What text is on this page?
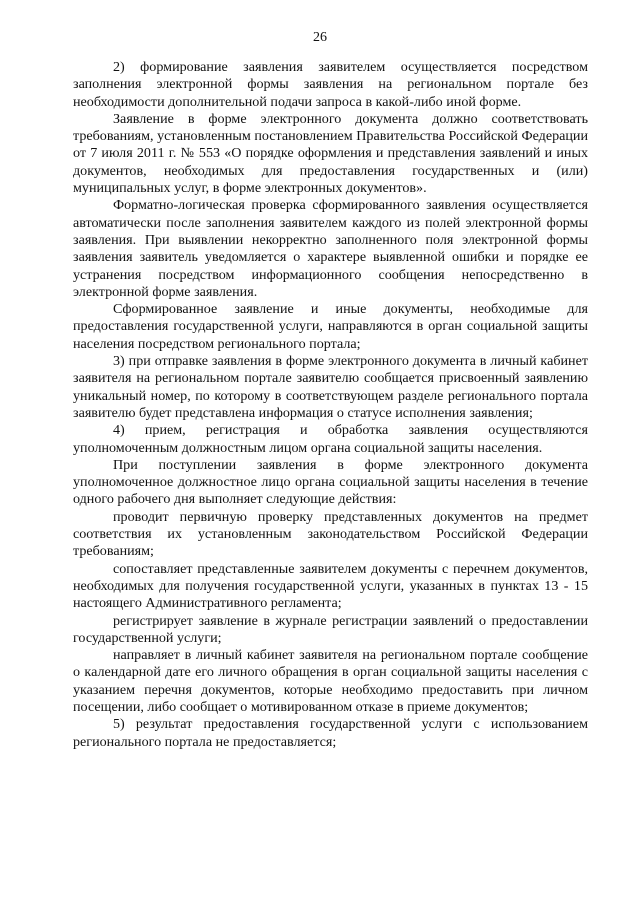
26

2) формирование заявления заявителем осуществляется посредством заполнения электронной формы заявления на региональном портале без необходимости дополнительной подачи запроса в какой-либо иной форме.

Заявление в форме электронного документа должно соответствовать требованиям, установленным постановлением Правительства Российской Федерации от 7 июля 2011 г. № 553 «О порядке оформления и представления заявлений и иных документов, необходимых для предоставления государственных и (или) муниципальных услуг, в форме электронных документов».

Форматно-логическая проверка сформированного заявления осуществляется автоматически после заполнения заявителем каждого из полей электронной формы заявления. При выявлении некорректно заполненного поля электронной формы заявления заявитель уведомляется о характере выявленной ошибки и порядке ее устранения посредством информационного сообщения непосредственно в электронной форме заявления.

Сформированное заявление и иные документы, необходимые для предоставления государственной услуги, направляются в орган социальной защиты населения посредством регионального портала;

3) при отправке заявления в форме электронного документа в личный кабинет заявителя на региональном портале заявителю сообщается присвоенный заявлению уникальный номер, по которому в соответствующем разделе регионального портала заявителю будет представлена информация о статусе исполнения заявления;

4) прием, регистрация и обработка заявления осуществляются уполномоченным должностным лицом органа социальной защиты населения.

При поступлении заявления в форме электронного документа уполномоченное должностное лицо органа социальной защиты населения в течение одного рабочего дня выполняет следующие действия:

проводит первичную проверку представленных документов на предмет соответствия их установленным законодательством Российской Федерации требованиям;

сопоставляет представленные заявителем документы с перечнем документов, необходимых для получения государственной услуги, указанных в пунктах 13 - 15 настоящего Административного регламента;

регистрирует заявление в журнале регистрации заявлений о предоставлении государственной услуги;

направляет в личный кабинет заявителя на региональном портале сообщение о календарной дате его личного обращения в орган социальной защиты населения с указанием перечня документов, которые необходимо предоставить при личном посещении, либо сообщает о мотивированном отказе в приеме документов;

5) результат предоставления государственной услуги с использованием регионального портала не предоставляется;
